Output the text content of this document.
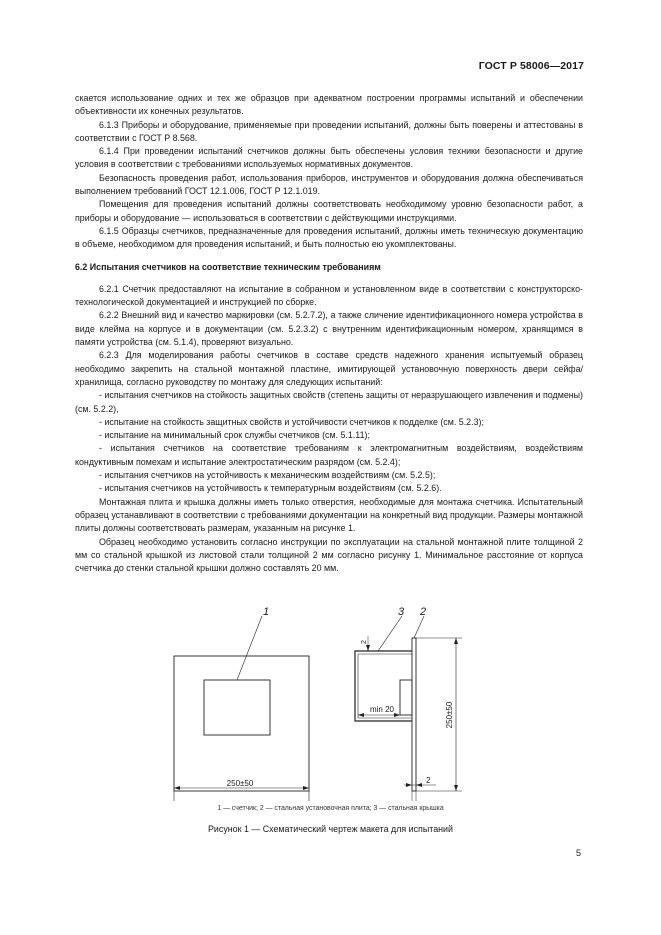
ГОСТ Р 58006—2017

скается использование одних и тех же образцов при адекватном построении программы испытаний и обеспечении объективности их конечных результатов.

6.1.3 Приборы и оборудование, применяемые при проведении испытаний, должны быть поверены и аттестованы в соответствии с ГОСТ Р 8.568.

6.1.4 При проведении испытаний счетчиков должны быть обеспечены условия техники безопасности и другие условия в соответствии с требованиями используемых нормативных документов.

Безопасность проведения работ, использования приборов, инструментов и оборудования должна обеспечиваться выполнением требований ГОСТ 12.1.006, ГОСТ Р 12.1.019.

Помещения для проведения испытаний должны соответствовать необходимому уровню безопасности работ, а приборы и оборудование — использоваться в соответствии с действующими инструкциями.

6.1.5 Образцы счетчиков, предназначенные для проведения испытаний, должны иметь техническую документацию в объеме, необходимом для проведения испытаний, и быть полностью ею укомплектованы.

6.2 Испытания счетчиков на соответствие техническим требованиям

6.2.1 Счетчик предоставляют на испытание в собранном и установленном виде в соответствии с конструкторско-технологической документацией и инструкцией по сборке.

6.2.2 Внешний вид и качество маркировки (см. 5.2.7.2), а также сличение идентификационного номера устройства в виде клейма на корпусе и в документации (см. 5.2.3.2) с внутренним идентификационным номером, хранящимся в памяти устройства (см. 5.1.4), проверяют визуально.

6.2.3 Для моделирования работы счетчиков в составе средств надежного хранения испытуемый образец необходимо закрепить на стальной монтажной пластине, имитирующей установочную поверхность двери сейфа/хранилища, согласно руководству по монтажу для следующих испытаний:

- испытания счетчиков на стойкость защитных свойств (степень защиты от неразрушающего извлечения и подмены) (см. 5.2.2),

- испытание на стойкость защитных свойств и устойчивости счетчиков к подделке (см. 5.2.3);

- испытание на минимальный срок службы счетчиков (см. 5.1.11);

- испытания счетчиков на соответствие требованиям к электромагнитным воздействиям, воздействиям кондуктивным помехам и испытание электростатическим разрядом (см. 5.2.4);

- испытания счетчиков на устойчивость к механическим воздействиям (см. 5.2.5);

- испытания счетчиков на устойчивость к температурным воздействиям (см. 5.2.6).

Монтажная плита и крышка должны иметь только отверстия, необходимые для монтажа счетчика. Испытательный образец устанавливают в соответствии с требованиями документации на конкретный вид продукции. Размеры монтажной плиты должны соответствовать размерам, указанным на рисунке 1.

Образец необходимо установить согласно инструкции по эксплуатации на стальной монтажной плите толщиной 2 мм со стальной крышкой из листовой стали толщиной 2 мм согласно рисунку 1. Минимальное расстояние от корпуса счетчика до стенки стальной крышки должно составлять 20 мм.

1	3 2
250±50
min 20	250±50
2
2
1 — счетчик; 2 — стальная установочная плита; 3 — стальная крышка
Рисунок 1 — Схематический чертеж макета для испытаний
5
